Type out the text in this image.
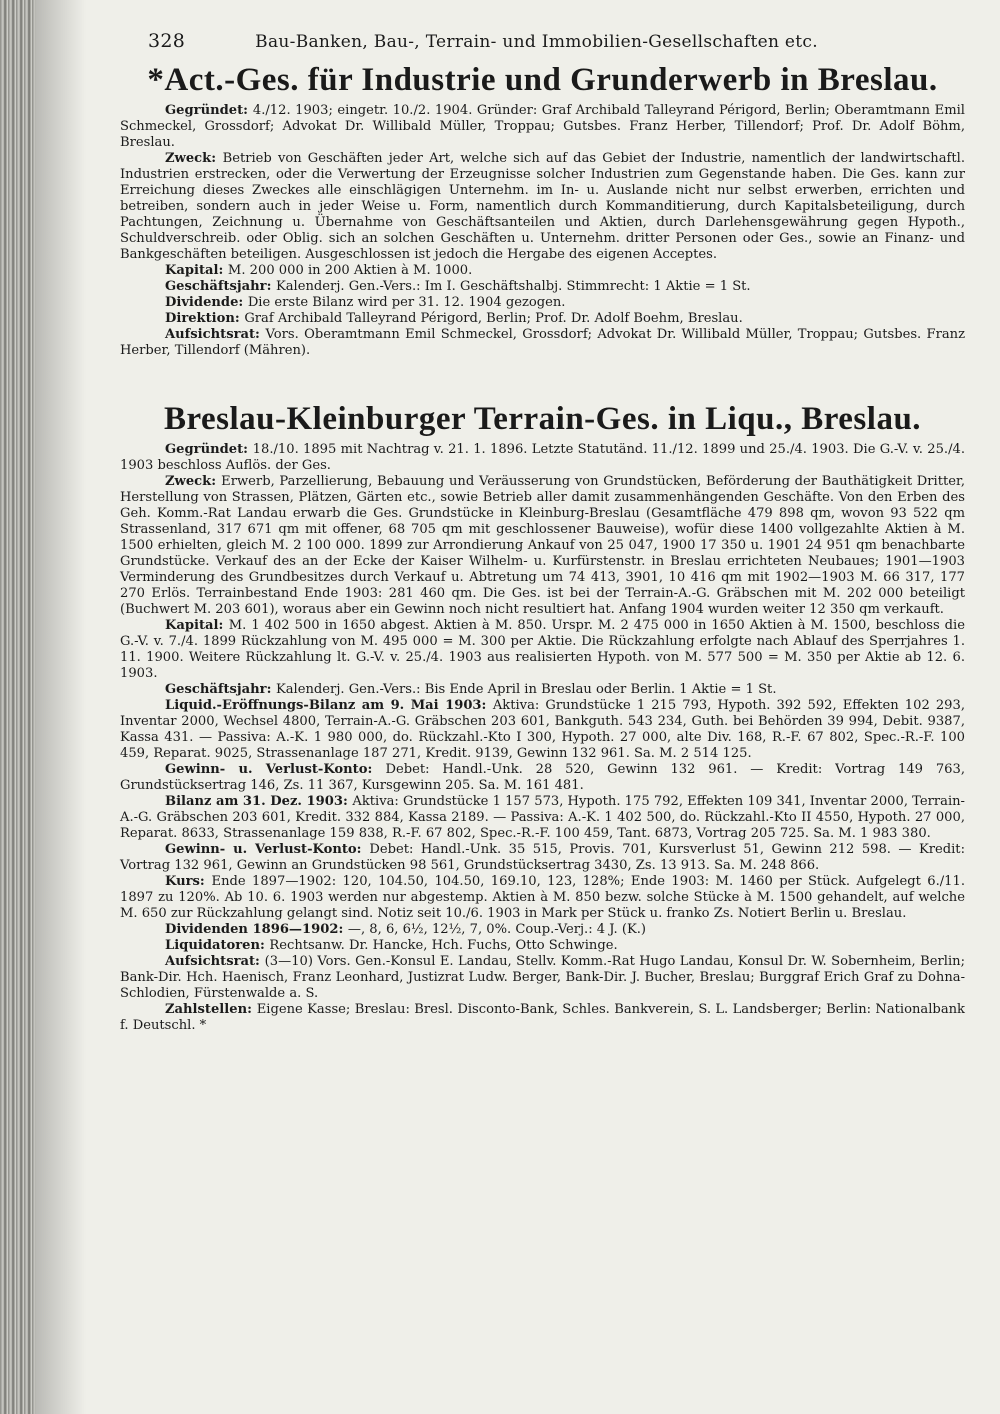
328	Bau-Banken, Bau-, Terrain- und Immobilien-Gesellschaften etc.
*Act.-Ges. für Industrie und Grunderwerb in Breslau.

Gegründet : 4./12. 1903; eingetr. 10./2. 1904. Gründer: Graf Archibald Talleyrand Périgord, Berlin; Oberamtmann Emil Schmeckel, Grossdorf; Advokat Dr. Willibald Müller, Troppau; Gutsbes. Franz Herber, Tillendorf; Prof. Dr. Adolf Böhm, Breslau.

Zweck : Betrieb von Geschäften jeder Art, welche sich auf das Gebiet der Industrie, namentlich der landwirtschaftl. Industrien erstrecken, oder die Verwertung der Erzeugnisse solcher Industrien zum Gegenstande haben. Die Ges. kann zur Erreichung dieses Zweckes alle einschlägigen Unternehm. im In- u. Auslande nicht nur selbst erwerben, errichten und betreiben, sondern auch in jeder Weise u. Form, namentlich durch Kommanditierung, durch Kapitalsbeteiligung, durch Pachtungen, Zeichnung u. Übernahme von Geschäftsanteilen und Aktien, durch Darlehensgewährung gegen Hypoth., Schuldverschreib. oder Oblig. sich an solchen Geschäften u. Unternehm. dritter Personen oder Ges., sowie an Finanz- und Bankgeschäften beteiligen. Ausgeschlossen ist jedoch die Hergabe des eigenen Acceptes.

Kapital : M. 200 000 in 200 Aktien à M. 1000.

Geschäftsjahr : Kalenderj. Gen.-Vers.: Im I. Geschäftshalbj. Stimmrecht: 1 Aktie = 1 St.

Dividende : Die erste Bilanz wird per 31. 12. 1904 gezogen.

Direktion : Graf Archibald Talleyrand Périgord, Berlin; Prof. Dr. Adolf Boehm, Breslau.

Aufsichtsrat : Vors. Oberamtmann Emil Schmeckel, Grossdorf; Advokat Dr. Willibald Müller, Troppau; Gutsbes. Franz Herber, Tillendorf (Mähren).

Breslau-Kleinburger Terrain-Ges. in Liqu., Breslau.

Gegründet : 18./10. 1895 mit Nachtrag v. 21. 1. 1896. Letzte Statutänd. 11./12. 1899 und 25./4. 1903. Die G.-V. v. 25./4. 1903 beschloss Auflös. der Ges.

Zweck : Erwerb, Parzellierung, Bebauung und Veräusserung von Grundstücken, Beförderung der Bauthätigkeit Dritter, Herstellung von Strassen, Plätzen, Gärten etc., sowie Betrieb aller damit zusammenhängenden Geschäfte. Von den Erben des Geh. Komm.-Rat Landau erwarb die Ges. Grundstücke in Kleinburg-Breslau (Gesamtfläche 479 898 qm, wovon 93 522 qm Strassenland, 317 671 qm mit offener, 68 705 qm mit geschlossener Bauweise), wofür diese 1400 vollgezahlte Aktien à M. 1500 erhielten, gleich M. 2 100 000. 1899 zur Arrondierung Ankauf von 25 047, 1900 17 350 u. 1901 24 951 qm benachbarte Grundstücke. Verkauf des an der Ecke der Kaiser Wilhelm- u. Kurfürstenstr. in Breslau errichteten Neubaues; 1901—1903 Verminderung des Grundbesitzes durch Verkauf u. Abtretung um 74 413, 3901, 10 416 qm mit 1902—1903 M. 66 317, 177 270 Erlös. Terrainbestand Ende 1903: 281 460 qm. Die Ges. ist bei der Terrain-A.-G. Gräbschen mit M. 202 000 beteiligt (Buchwert M. 203 601), woraus aber ein Gewinn noch nicht resultiert hat. Anfang 1904 wurden weiter 12 350 qm verkauft.

Kapital : M. 1 402 500 in 1650 abgest. Aktien à M. 850. Urspr. M. 2 475 000 in 1650 Aktien à M. 1500, beschloss die G.-V. v. 7./4. 1899 Rückzahlung von M. 495 000 = M. 300 per Aktie. Die Rückzahlung erfolgte nach Ablauf des Sperrjahres 1. 11. 1900. Weitere Rückzahlung lt. G.-V. v. 25./4. 1903 aus realisierten Hypoth. von M. 577 500 = M. 350 per Aktie ab 12. 6. 1903.

Geschäftsjahr : Kalenderj. Gen.-Vers.: Bis Ende April in Breslau oder Berlin. 1 Aktie = 1 St.

Liquid.-Eröffnungs-Bilanz am 9. Mai 1903 : Aktiva: Grundstücke 1 215 793, Hypoth. 392 592, Effekten 102 293, Inventar 2000, Wechsel 4800, Terrain-A.-G. Gräbschen 203 601, Bankguth. 543 234, Guth. bei Behörden 39 994, Debit. 9387, Kassa 431. — Passiva: A.-K. 1 980 000, do. Rückzahl.-Kto I 300, Hypoth. 27 000, alte Div. 168, R.-F. 67 802, Spec.-R.-F. 100 459, Reparat. 9025, Strassenanlage 187 271, Kredit. 9139, Gewinn 132 961. Sa. M. 2 514 125.

Gewinn- u. Verlust-Konto : Debet: Handl.-Unk. 28 520, Gewinn 132 961. — Kredit: Vortrag 149 763, Grundstücksertrag 146, Zs. 11 367, Kursgewinn 205. Sa. M. 161 481.

Bilanz am 31. Dez. 1903 : Aktiva: Grundstücke 1 157 573, Hypoth. 175 792, Effekten 109 341, Inventar 2000, Terrain-A.-G. Gräbschen 203 601, Kredit. 332 884, Kassa 2189. — Passiva: A.-K. 1 402 500, do. Rückzahl.-Kto II 4550, Hypoth. 27 000, Reparat. 8633, Strassenanlage 159 838, R.-F. 67 802, Spec.-R.-F. 100 459, Tant. 6873, Vortrag 205 725. Sa. M. 1 983 380.

Gewinn- u. Verlust-Konto : Debet: Handl.-Unk. 35 515, Provis. 701, Kursverlust 51, Gewinn 212 598. — Kredit: Vortrag 132 961, Gewinn an Grundstücken 98 561, Grundstücksertrag 3430, Zs. 13 913. Sa. M. 248 866.

Kurs : Ende 1897—1902: 120, 104.50, 104.50, 169.10, 123, 128%; Ende 1903: M. 1460 per Stück. Aufgelegt 6./11. 1897 zu 120%. Ab 10. 6. 1903 werden nur abgestemp. Aktien à M. 850 bezw. solche Stücke à M. 1500 gehandelt, auf welche M. 650 zur Rückzahlung gelangt sind. Notiz seit 10./6. 1903 in Mark per Stück u. franko Zs. Notiert Berlin u. Breslau.

Dividenden 1896—1902 : —, 8, 6, 6½, 12½, 7, 0%. Coup.-Verj.: 4 J. (K.)

Liquidatoren : Rechtsanw. Dr. Hancke, Hch. Fuchs, Otto Schwinge.

Aufsichtsrat : (3—10) Vors. Gen.-Konsul E. Landau, Stellv. Komm.-Rat Hugo Landau, Konsul Dr. W. Sobernheim, Berlin; Bank-Dir. Hch. Haenisch, Franz Leonhard, Justizrat Ludw. Berger, Bank-Dir. J. Bucher, Breslau; Burggraf Erich Graf zu Dohna-Schlodien, Fürstenwalde a. S.

Zahlstellen : Eigene Kasse; Breslau: Bresl. Disconto-Bank, Schles. Bankverein, S. L. Landsberger; Berlin: Nationalbank f. Deutschl. *
